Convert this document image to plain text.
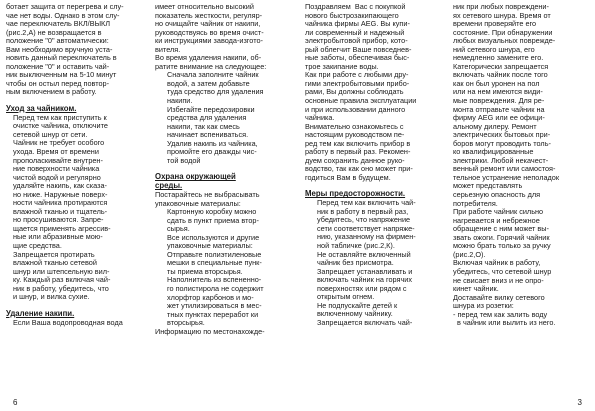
ботает защита от перегрева и слу-

чае нет воды. Однако в этом слу-

чае переключатель ВКЛ/ВЫКЛ

(рис.2,А) не возвращается в

положение "0" автоматически:

Вам необходимо вручную уста-

новить данный переключатель в

положение "0" и оставить чай-

ник выключенным на 5-10 минут

чтобы он остыл перед повтор-

ным включением в работу.

Уход за чайником.

Перед тем как приступить к

очистке чайника, отключите

сетевой шнур от сети.

Чайник не требует особого

ухода. Время от времени

прополаскивайте внутрен-

ние поверхности чайника

чистой водой и регулярно

удаляйте накипь, как сказа-

но ниже. Наружные поверх-

ности чайника протираются

влажной тканью и тщатель-

но просушиваются. Запре-

щается применять агрессив-

ные или абразивные мою-

щие средства.

Запрещается протирать

влажной тканью сетевой

шнур или штепсельную вил-

ку. Каждый раз включая чай-

ник в работу, убедитесь, что

и шнур, и вилка сухие.

Удаление накипи.

Если Ваша водопроводная вода

имеет относительно высокий

показатель жесткости, регуляр-

но очищайте чайник от накипи,

руководствуясь во время очист-

ки инструкциями завода-изгото-

вителя.

Во время удаления накипи, об-

ратите внимание на следующее:

Сначала заполните чайник

водой, а затем добавьте

туда средство для удаления

накипи.

Избегайте передозировки

средства для удаления

накипи, так как смесь

начинает вспениваться.

Удалив накипь из чайника,

промойте его дважды чис-

той водой

Охрана окружающей
среды.

Постарайтесь не выбрасывать

упаковочные материалы:

Картонную коробку можно

сдать в пункт приема втор-

сырья.

Все используются и другие

упаковочные материалы:

Отправьте полиэтиленовые

мешки в специальные пунк-

ты приема вторсырья.

Наполнитель из вспененно-

го полистирола не содержит

хлорфтор карбонов и мо-

жет утилизироваться в мес-

тных пунктах переработ ки

вторсырья.

Информацию по местонахожде-

Поздравляем  Вас с покупкой

нового быстрозакипающего

чайника фирмы AEG. Вы купи-

ли современный и надежный

электробытовой прибор, кото-

рый облегчит Ваше повседнев-

ные заботы, обеспечивая быс-

трое закипание воды.

Как при работе с любыми дру-

гими электробытовыми прибо-

рами, Вы должны соблюдать

основные правила эксплуатации

и при использовании данного

чайника.

Внимательно ознакомьтесь с

настоящим руководством пе-

ред тем как включить прибор в

работу в первый раз. Рекомен-

дуем сохранить данное руко-

водство, так как оно может при-

годиться Вам в будущем.

Меры предосторожности.

Перед тем как включить чай-

ник в работу в первый раз,

убедитесь, что напряжение

сети соответствует напряже-

нию, указанному на фирмен-

ной табличке (рис.2,К).

Не оставляйте включенный

чайник без присмотра.

Запрещает устанавливать и

включать чайник на горячих

поверхностях или рядом с

открытым огнем.

Не подпускайте детей к

включенному чайнику.

Запрещается включать чай-

ник при любых повреждени-

ях сетевого шнура. Время от

времени проверяйте его

состояние. При обнаружении

любых визуальных поврежде-

ний сетевого шнура, его

немедленно замените его.

Категорически запрещается

включать чайник после того

как он был уронен на пол

или на нем имеются види-

мые повреждения. Для ре-

монта отправьте чайник на

фирму AEG или ее офици-

альному дилеру. Ремонт

электрических бытовых при-

боров могут проводить толь-

ко квалифицированные

электрики. Любой некачест-

венный ремонт или самостоя-

тельное устранение неполадок

может представлять

серьезную опасность для

потребителя.

При работе чайник сильно

нагревается и небрежное

обращение с ним может вы-

звать ожоги. Горячий чайник

можно брать только за ручку

(рис.2,О).

Включая чайник в работу,

убедитесь, что сетевой шнур

не свисает вниз и не опро-

кинет чайник.

Доставайте вилку сетевого

шнура из розетки:

- перед тем как залить воду

в чайник или вылить из него.

6	3
